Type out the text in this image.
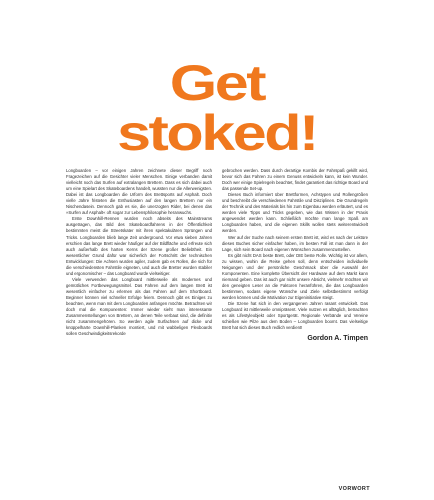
Get
stoked!

Longboarden – vor einigen Jahren zeichnete dieser Begriff noch Fragezeichen auf die Gesichter vieler Menschen. Einige verbanden damit vielleicht noch das Surfen auf extralangen Brettern. Dass es sich dabei auch um eine Spielart des Skateboardens handelt, wussten nur die Allerwenigsten. Dabei ist das Longboarden die Urform des Brettsports auf Asphalt. Doch vielle Jahre fristeten die Enthusiasten auf den langen Brettern nur ein Nischendasein. Dennoch gab es sie, die unerzogten Rider, bei denen das »Surfen auf Asphalt« oft sogar zur Lebensphilosophie heranwuchs.

Erste Downhill-Rennen wurden noch abseits des Mainstreams ausgetragen, das Bild des Skateboardfahrens in der Öffentlichkeit bestimmten meist die Streetskater mit ihren spektakulären Sprüngen und Tricks. Longboarden blieb lange Zeit underground. Vor etwa sieben Jahren erschien das lange Brett wieder häufiger auf der Bildfläche und erfreute sich auch außerhalb des harten Kerns der Szene großer Beliebtheit. Ein wesentlicher Grund dafür war sicherlich der Fortschritt der technischen Entwicklungen: Die Achsen wurden agiler, zudem gab es Rollen, die sich für die verschiedensten Fahrstile eigneten, und auch die Bretter wurden stabiler und ergonomischer – das Longboard wurde vielseitiger.

Viele verwenden das Longboard mittlerweile als modernes und gemütliches Fortbewegungsmittel. Das Fahren auf dem langen Brett ist wesentlich einfacher zu erlernen als das Fahren auf dem Shortboard. Beginner können viel schneller Erfolge feiern. Dennoch gibt es Einiges zu beachten, wenn man mit dem Longboarden anfangen möchte. Betrachten wir doch mal die Komponenten: Immer wieder sieht man interessante Zusammenstellungen von Brettern, an denen Teile verbaut sind, die definitiv nicht zusammengehören. So werden agile Surfachsen auf dicke und knüppelharte Downhill-Planken montiert, und mit wabbeligen Flexboards sollen Geschwindigkeitsrekorde

gebrochen werden. Dass durch derartige Kombis der Fahrspaß gekillt wird, bevor sich das Fahren zu einem Genuss entwickeln kann, ist kein Wunder. Doch wer einige Spielregeln beachtet, findet garantiert das richtige Board und das passende Set-up.

Dieses Buch informiert über Brettformen, Achstypen und Rollengrößen und beschreibt die verschiedenen Fahrstile und Disziplinen. Die Grundregeln der Technik und des Materials bis hin zum Eigenbau werden erläutert, und es werden viele Tipps und Tricks gegeben, wie das Wissen in der Praxis angewendet werden kann. Schließlich möchte man lange Spaß am Longboarden haben, und die eigenen Skills wollen stets weiterentwickelt werden.

Wer auf der Suche nach seinem ersten Brett ist, wird es nach der Lektüre dieses Buches sicher einfacher haben, im besten Fall ist man dann in der Lage, sich sein Board nach eigenen Wünschen zusammenzustellen.

Es gibt nicht DAS beste Brett, oder DIE beste Rolle. Wichtig ist vor allem, zu wissen, wohin die Reise gehen soll, denn entscheiden individuelle Neigungen und der persönliche Geschmack über die Auswahl der Komponenten. Eine komplette Übersicht der Hardware auf dem Markt kann niemand geben. Das ist auch gar nicht unsere Absicht, vielmehr möchten wir den geneigten Leser an die Faktoren heranführen, die das Longboarden bestimmen, sodass eigene Wünsche und Ziele selbstbestimmt verfolgt werden können und die Motivation zur Eigeninitiative steigt.

Die Szene hat sich in den vergangenen Jahren rasant entwickelt. Das Longboard ist mittlerweile omnipräsent. Viele nutzen es alltäglich, betrachten es als Lifestyleobjekt oder Sportgerät. Regionale Verbände und Vereine schießen wie Pilze aus dem Boden – Longboarden boomt. Das vielseitige Brett hat sich dieses Buch redlich verdient!

Gordon A. Timpen
VORWORT
